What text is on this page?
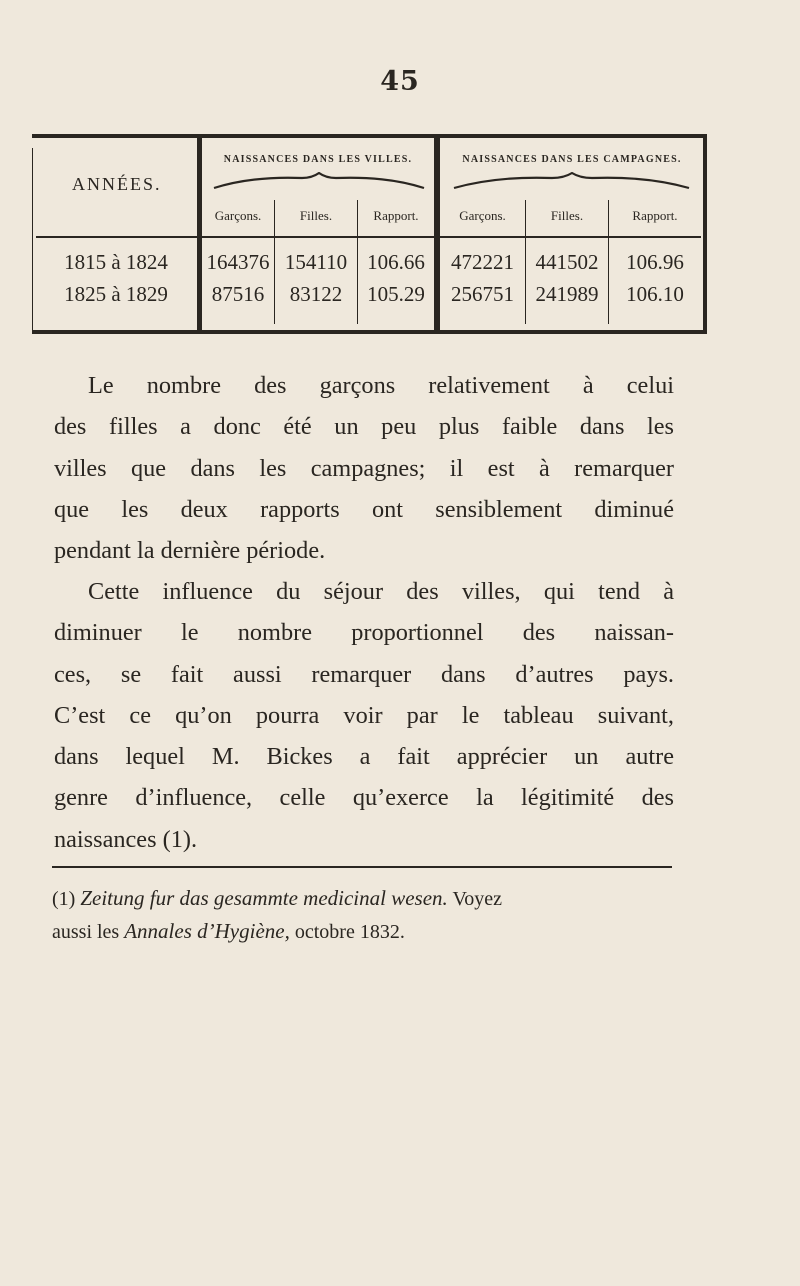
45
ANNÉES.
NAISSANCES DANS LES VILLES.	NAISSANCES DANS LES CAMPAGNES.
Garçons.	Filles.	Rapport.	Garçons.	Filles.	Rapport.
1815 à 1824	164376 154110 106.66	472221	441502	106.96
1825 à 1829	87516	83122	105.29	256751	241989	106.10
Le nombre des garçons relativement à celui
des filles a donc été un peu plus faible dans les
villes que dans les campagnes; il est à remarquer
que les deux rapports ont sensiblement diminué
pendant la dernière période.
Cette influence du séjour des villes, qui tend à
diminuer le nombre proportionnel des naissan-
ces, se fait aussi remarquer dans d’autres pays.
C’est ce qu’on pourra voir par le tableau suivant,
dans lequel M. Bickes a fait apprécier un autre
genre d’influence, celle qu’exerce la légitimité des
naissances (1).
(1) Zeitung fur das gesammte medicinal wesen. Voyez
aussi les Annales d’Hygiène, octobre 1832.
